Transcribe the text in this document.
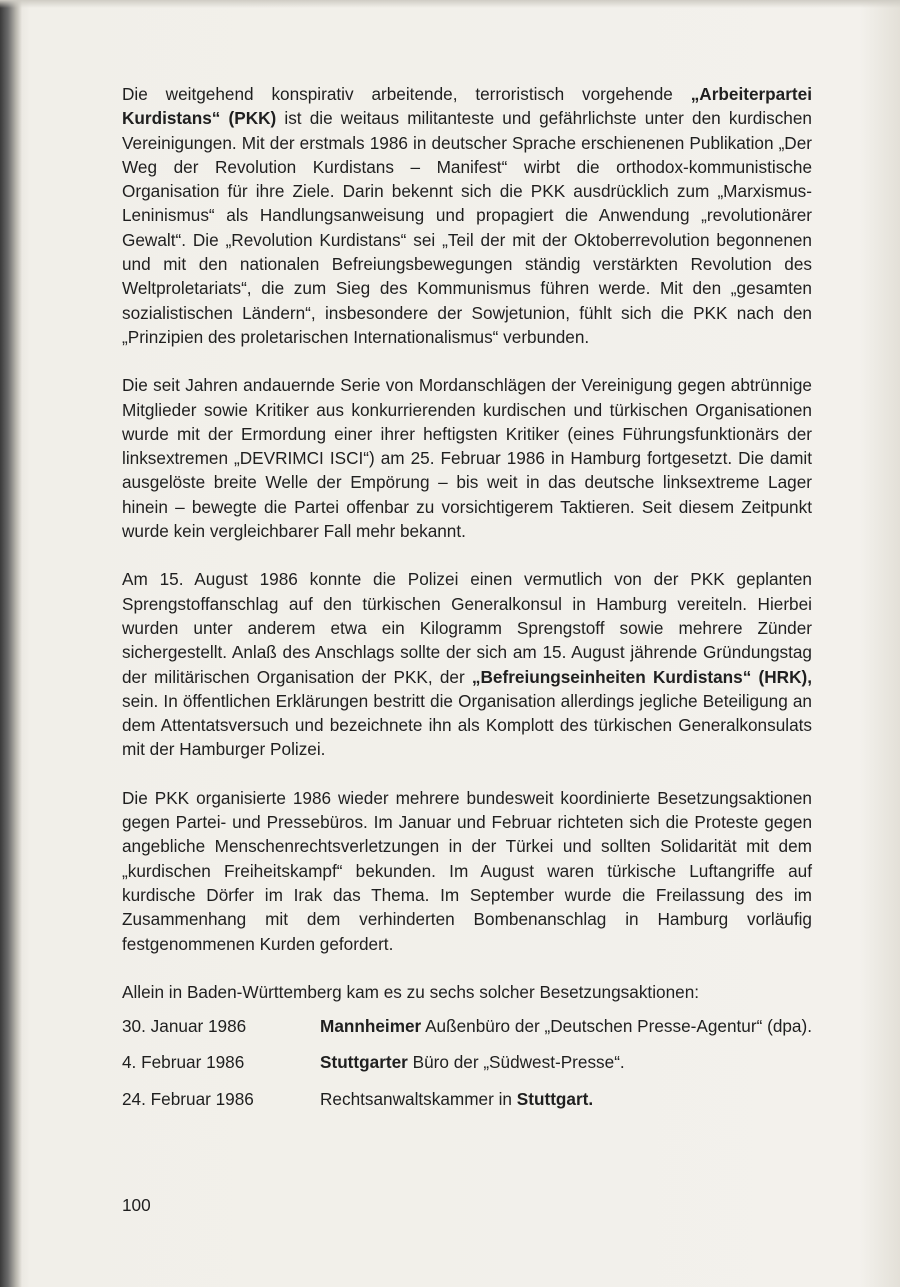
Die weitgehend konspirativ arbeitende, terroristisch vorgehende „Arbeiterpartei Kurdistans“ (PKK) ist die weitaus militanteste und gefährlichste unter den kurdischen Vereinigungen. Mit der erstmals 1986 in deutscher Sprache erschienenen Publikation „Der Weg der Revolution Kurdistans – Manifest“ wirbt die orthodox-kommunistische Organisation für ihre Ziele. Darin bekennt sich die PKK ausdrücklich zum „Marxismus-Leninismus“ als Handlungsanweisung und propagiert die Anwendung „revolutionärer Gewalt“. Die „Revolution Kurdistans“ sei „Teil der mit der Oktoberrevolution begonnenen und mit den nationalen Befreiungsbewegungen ständig verstärkten Revolution des Weltproletariats“, die zum Sieg des Kommunismus führen werde. Mit den „gesamten sozialistischen Ländern“, insbesondere der Sowjetunion, fühlt sich die PKK nach den „Prinzipien des proletarischen Internationalismus“ verbunden.

Die seit Jahren andauernde Serie von Mordanschlägen der Vereinigung gegen abtrünnige Mitglieder sowie Kritiker aus konkurrierenden kurdischen und türkischen Organisationen wurde mit der Ermordung einer ihrer heftigsten Kritiker (eines Führungsfunktionärs der linksextremen „DEVRIMCI ISCI“) am 25. Februar 1986 in Hamburg fortgesetzt. Die damit ausgelöste breite Welle der Empörung – bis weit in das deutsche linksextreme Lager hinein – bewegte die Partei offenbar zu vorsichtigerem Taktieren. Seit diesem Zeitpunkt wurde kein vergleichbarer Fall mehr bekannt.

Am 15. August 1986 konnte die Polizei einen vermutlich von der PKK geplanten Sprengstoffanschlag auf den türkischen Generalkonsul in Hamburg vereiteln. Hierbei wurden unter anderem etwa ein Kilogramm Sprengstoff sowie mehrere Zünder sichergestellt. Anlaß des Anschlags sollte der sich am 15. August jährende Gründungstag der militärischen Organisation der PKK, der „Befreiungseinheiten Kurdistans“ (HRK), sein. In öffentlichen Erklärungen bestritt die Organisation allerdings jegliche Beteiligung an dem Attentatsversuch und bezeichnete ihn als Komplott des türkischen Generalkonsulats mit der Hamburger Polizei.

Die PKK organisierte 1986 wieder mehrere bundesweit koordinierte Besetzungsaktionen gegen Partei- und Pressebüros. Im Januar und Februar richteten sich die Proteste gegen angebliche Menschenrechtsverletzungen in der Türkei und sollten Solidarität mit dem „kurdischen Freiheitskampf“ bekunden. Im August waren türkische Luftangriffe auf kurdische Dörfer im Irak das Thema. Im September wurde die Freilassung des im Zusammenhang mit dem verhinderten Bombenanschlag in Hamburg vorläufig festgenommenen Kurden gefordert.

Allein in Baden-Württemberg kam es zu sechs solcher Besetzungsaktionen:

30. Januar 1986	Mannheimer Außenbüro der „Deutschen Presse-Agentur“ (dpa).
4. Februar 1986	Stuttgarter Büro der „Südwest-Presse“.
24. Februar 1986	Rechtsanwaltskammer in Stuttgart.
100
